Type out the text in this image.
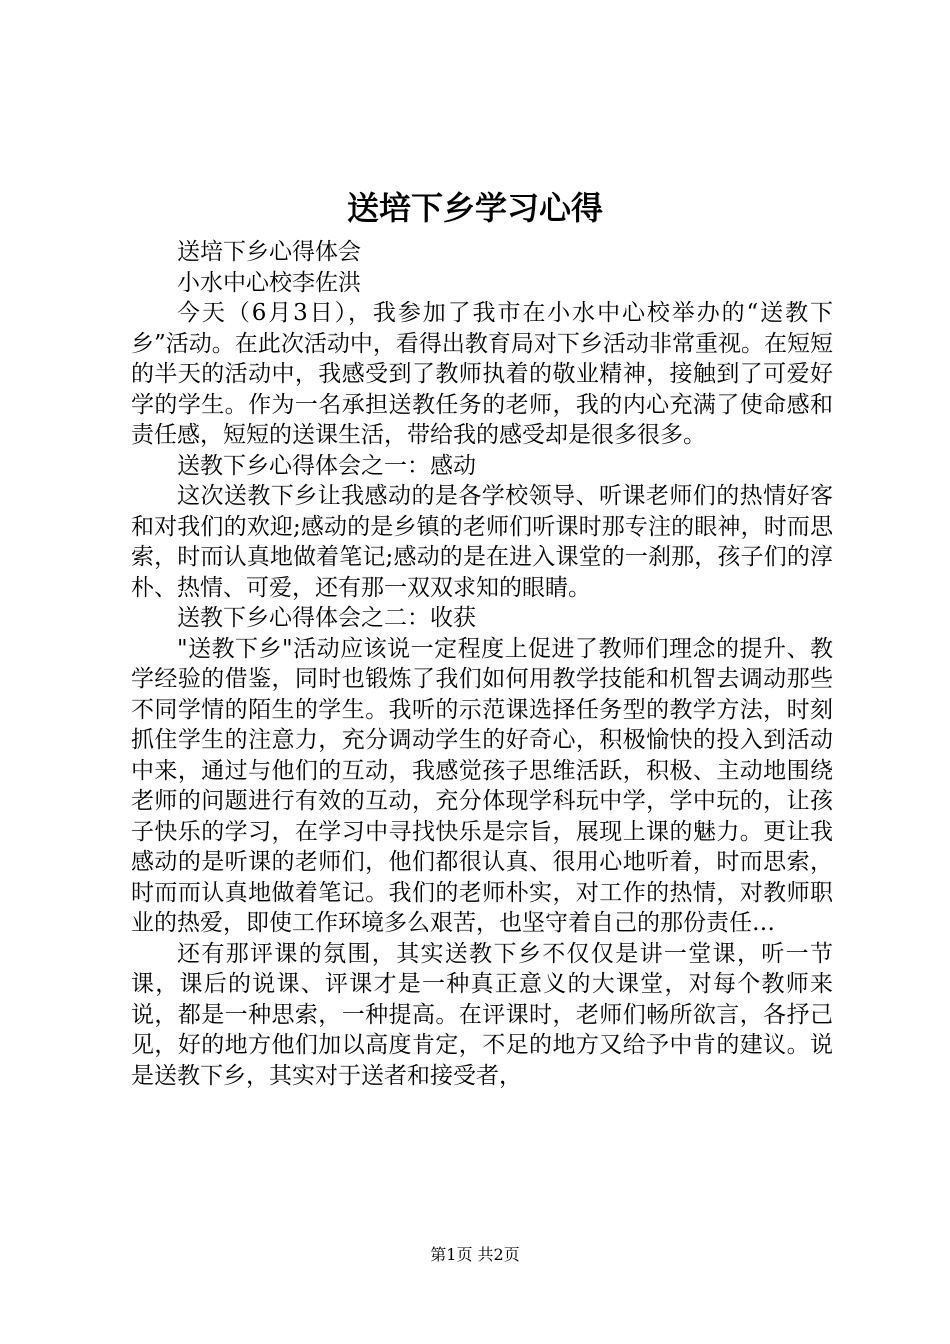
送培下乡学习心得

送培下乡心得体会

小水中心校李佐洪

今天（6月3日），我参加了我市在小水中心校举办的“送教下乡”活动。在此次活动中，看得出教育局对下乡活动非常重视。在短短的半天的活动中，我感受到了教师执着的敬业精神，接触到了可爱好学的学生。作为一名承担送教任务的老师，我的内心充满了使命感和责任感，短短的送课生活，带给我的感受却是很多很多。

送教下乡心得体会之一：感动

这次送教下乡让我感动的是各学校领导、听课老师们的热情好客和对我们的欢迎;感动的是乡镇的老师们听课时那专注的眼神，时而思索，时而认真地做着笔记;感动的是在进入课堂的一刹那，孩子们的淳朴、热情、可爱，还有那一双双求知的眼睛。

送教下乡心得体会之二：收获

"送教下乡"活动应该说一定程度上促进了教师们理念的提升、教学经验的借鉴，同时也锻炼了我们如何用教学技能和机智去调动那些不同学情的陌生的学生。我听的示范课选择任务型的教学方法，时刻抓住学生的注意力，充分调动学生的好奇心，积极愉快的投入到活动中来，通过与他们的互动，我感觉孩子思维活跃，积极、主动地围绕老师的问题进行有效的互动，充分体现学科玩中学，学中玩的，让孩子快乐的学习，在学习中寻找快乐是宗旨，展现上课的魅力。更让我感动的是听课的老师们，他们都很认真、很用心地听着，时而思索，时而而认真地做着笔记。我们的老师朴实，对工作的热情，对教师职业的热爱，即使工作环境多么艰苦，也坚守着自己的那份责任…

还有那评课的氛围，其实送教下乡不仅仅是讲一堂课，听一节课，课后的说课、评课才是一种真正意义的大课堂，对每个教师来说，都是一种思索，一种提高。在评课时，老师们畅所欲言，各抒己见，好的地方他们加以高度肯定，不足的地方又给予中肯的建议。说是送教下乡，其实对于送者和接受者，

第1页 共2页
